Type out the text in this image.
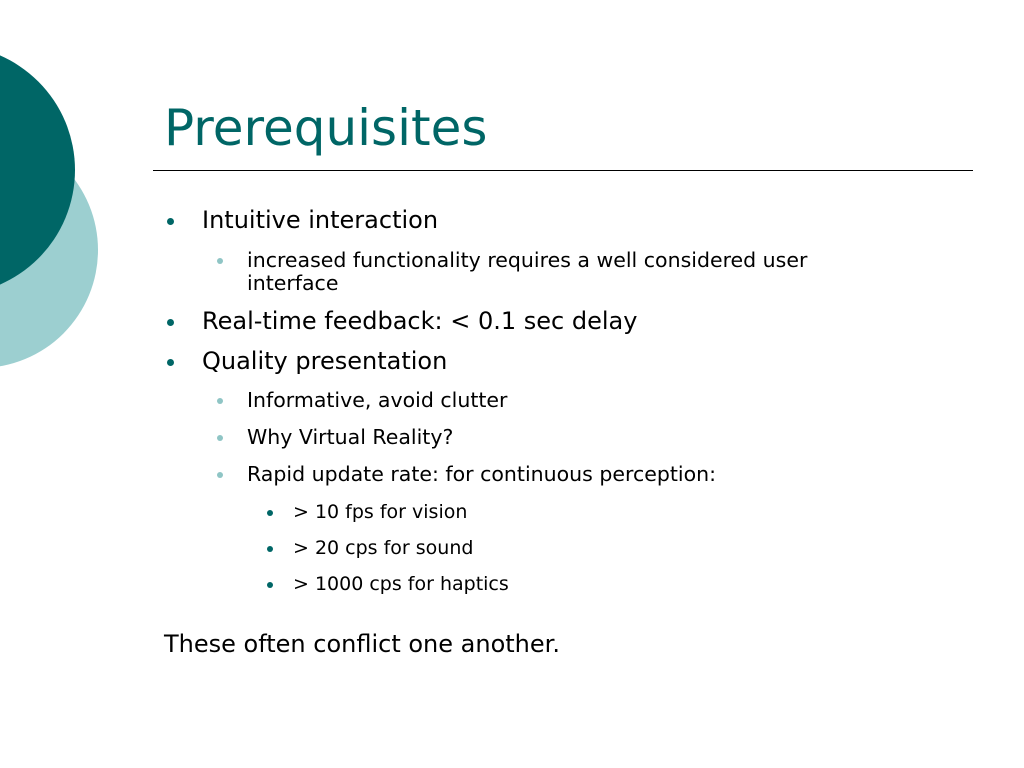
Prerequisites
Intuitive interaction
increased functionality requires a well considered user
interface
Real-time feedback: < 0.1 sec delay
Quality presentation
Informative, avoid clutter
Why Virtual Reality?
Rapid update rate: for continuous perception:
> 10 fps for vision
> 20 cps for sound
> 1000 cps for haptics
These often conflict one another.
